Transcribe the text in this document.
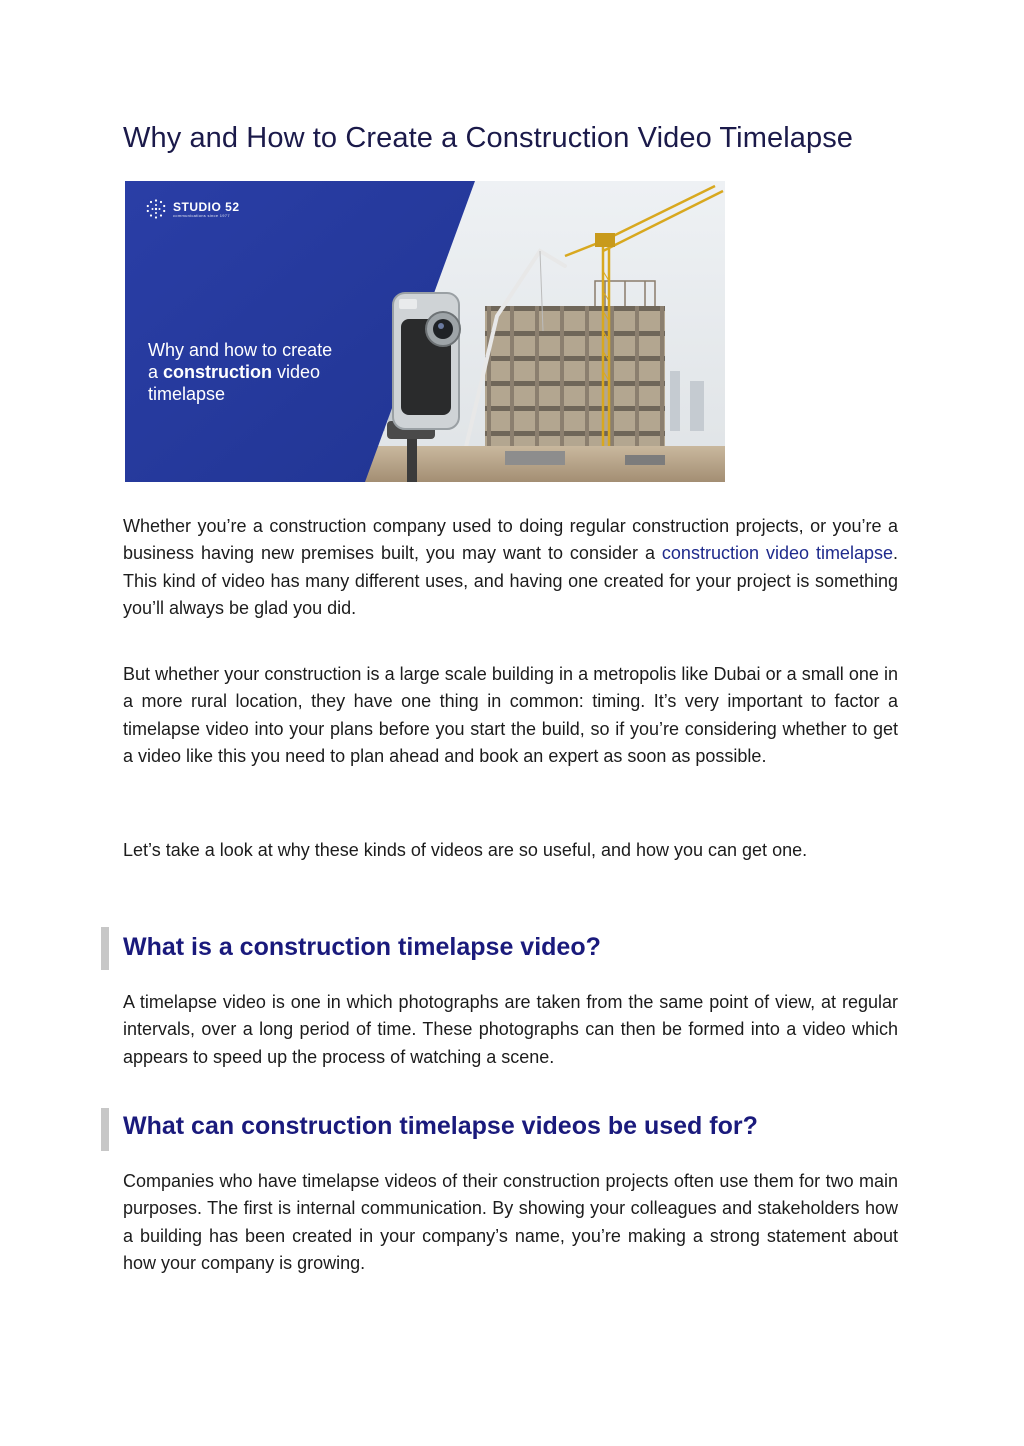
Why and How to Create a Construction Video Timelapse
STUDIO 52
communications since 1977
Why and how to create
a construction video
timelapse

Whether you’re a construction company used to doing regular construction projects, or you’re a business having new premises built, you may want to consider a construction video timelapse. This kind of video has many different uses, and having one created for your project is something you’ll always be glad you did.

But whether your construction is a large scale building in a metropolis like Dubai or a small one in a more rural location, they have one thing in common: timing. It’s very important to factor a timelapse video into your plans before you start the build, so if you’re considering whether to get a video like this you need to plan ahead and book an expert as soon as possible.

Let’s take a look at why these kinds of videos are so useful, and how you can get one.

What is a construction timelapse video?

A timelapse video is one in which photographs are taken from the same point of view, at regular intervals, over a long period of time. These photographs can then be formed into a video which appears to speed up the process of watching a scene.

What can construction timelapse videos be used for?

Companies who have timelapse videos of their construction projects often use them for two main purposes. The first is internal communication. By showing your colleagues and stakeholders how a building has been created in your company’s name, you’re making a strong statement about how your company is growing.
